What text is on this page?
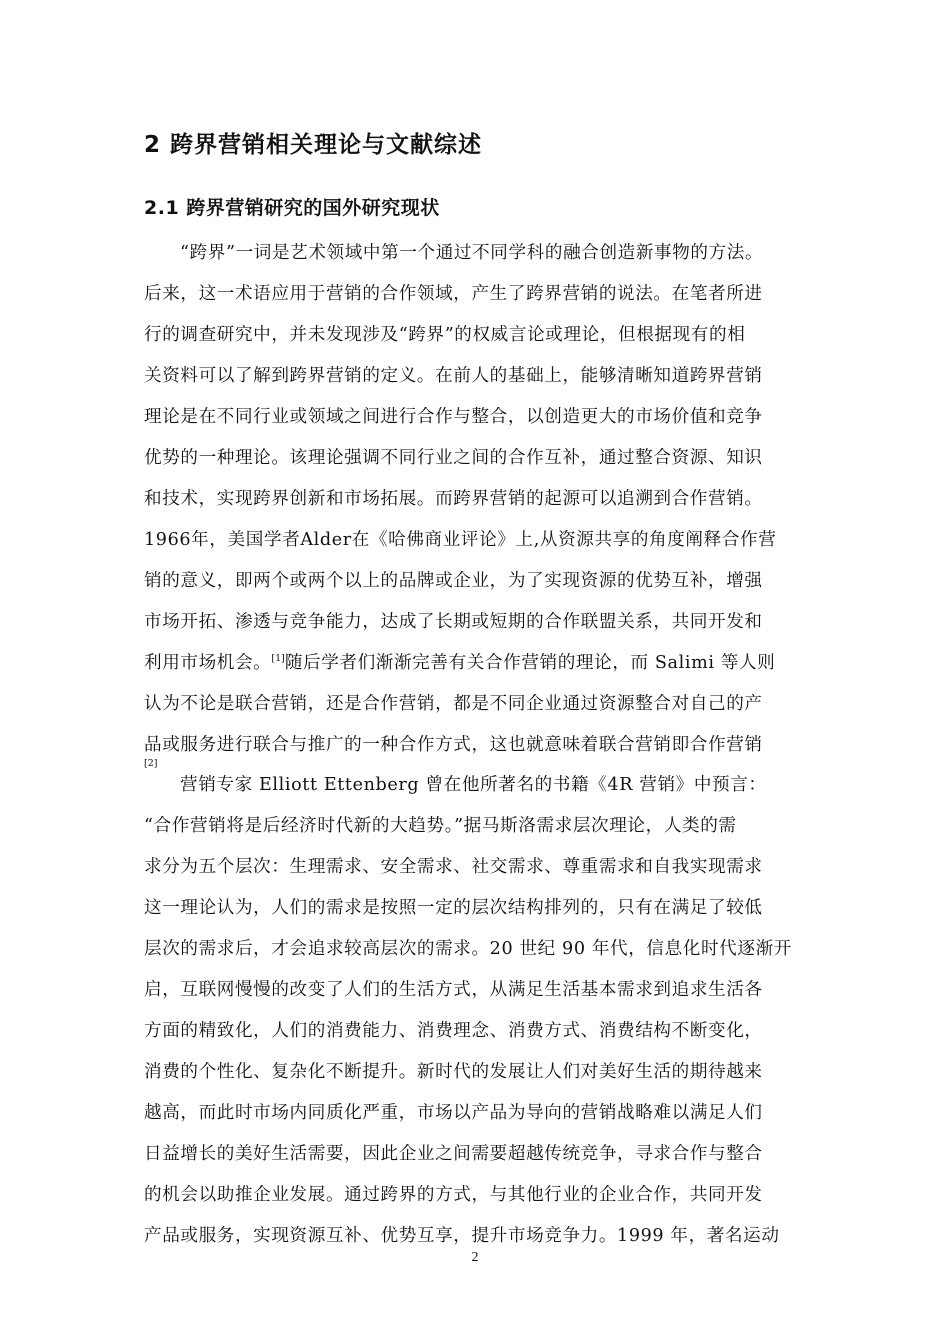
2 跨界营销相关理论与文献综述
2.1 跨界营销研究的国外研究现状
“跨界”一词是艺术领域中第一个通过不同学科的融合创造新事物的方法。
后来，这一术语应用于营销的合作领域，产生了跨界营销的说法。在笔者所进
行的调查研究中，并未发现涉及“跨界”的权威言论或理论，但根据现有的相
关资料可以了解到跨界营销的定义。在前人的基础上，能够清晰知道跨界营销
理论是在不同行业或领域之间进行合作与整合，以创造更大的市场价值和竞争
优势的一种理论。该理论强调不同行业之间的合作互补，通过整合资源、知识
和技术，实现跨界创新和市场拓展。而跨界营销的起源可以追溯到合作营销。
1966年，美国学者Alder在《哈佛商业评论》上,从资源共享的角度阐释合作营
销的意义，即两个或两个以上的品牌或企业，为了实现资源的优势互补，增强
市场开拓、渗透与竞争能力，达成了长期或短期的合作联盟关系，共同开发和
利用市场机会。[1]随后学者们渐渐完善有关合作营销的理论，而 Salimi 等人则
认为不论是联合营销，还是合作营销，都是不同企业通过资源整合对自己的产
营销专家 Elliott Ettenberg 曾在他所著名的书籍《4R 营销》中预言：
“合作营销将是后经济时代新的大趋势。”据马斯洛需求层次理论，人类的需
求分为五个层次：生理需求、安全需求、社交需求、尊重需求和自我实现需求
这一理论认为，人们的需求是按照一定的层次结构排列的，只有在满足了较低
层次的需求后，才会追求较高层次的需求。20 世纪 90 年代，信息化时代逐渐开
启，互联网慢慢的改变了人们的生活方式，从满足生活基本需求到追求生活各
方面的精致化，人们的消费能力、消费理念、消费方式、消费结构不断变化，
消费的个性化、复杂化不断提升。新时代的发展让人们对美好生活的期待越来
越高，而此时市场内同质化严重，市场以产品为导向的营销战略难以满足人们
日益增长的美好生活需要，因此企业之间需要超越传统竞争，寻求合作与整合
的机会以助推企业发展。通过跨界的方式，与其他行业的企业合作，共同开发
2
品或服务进行联合与推广的一种合作方式，这也就意味着联合营销即合作营销
[2]
产品或服务，实现资源互补、优势互享，提升市场竞争力。1999 年，著名运动
